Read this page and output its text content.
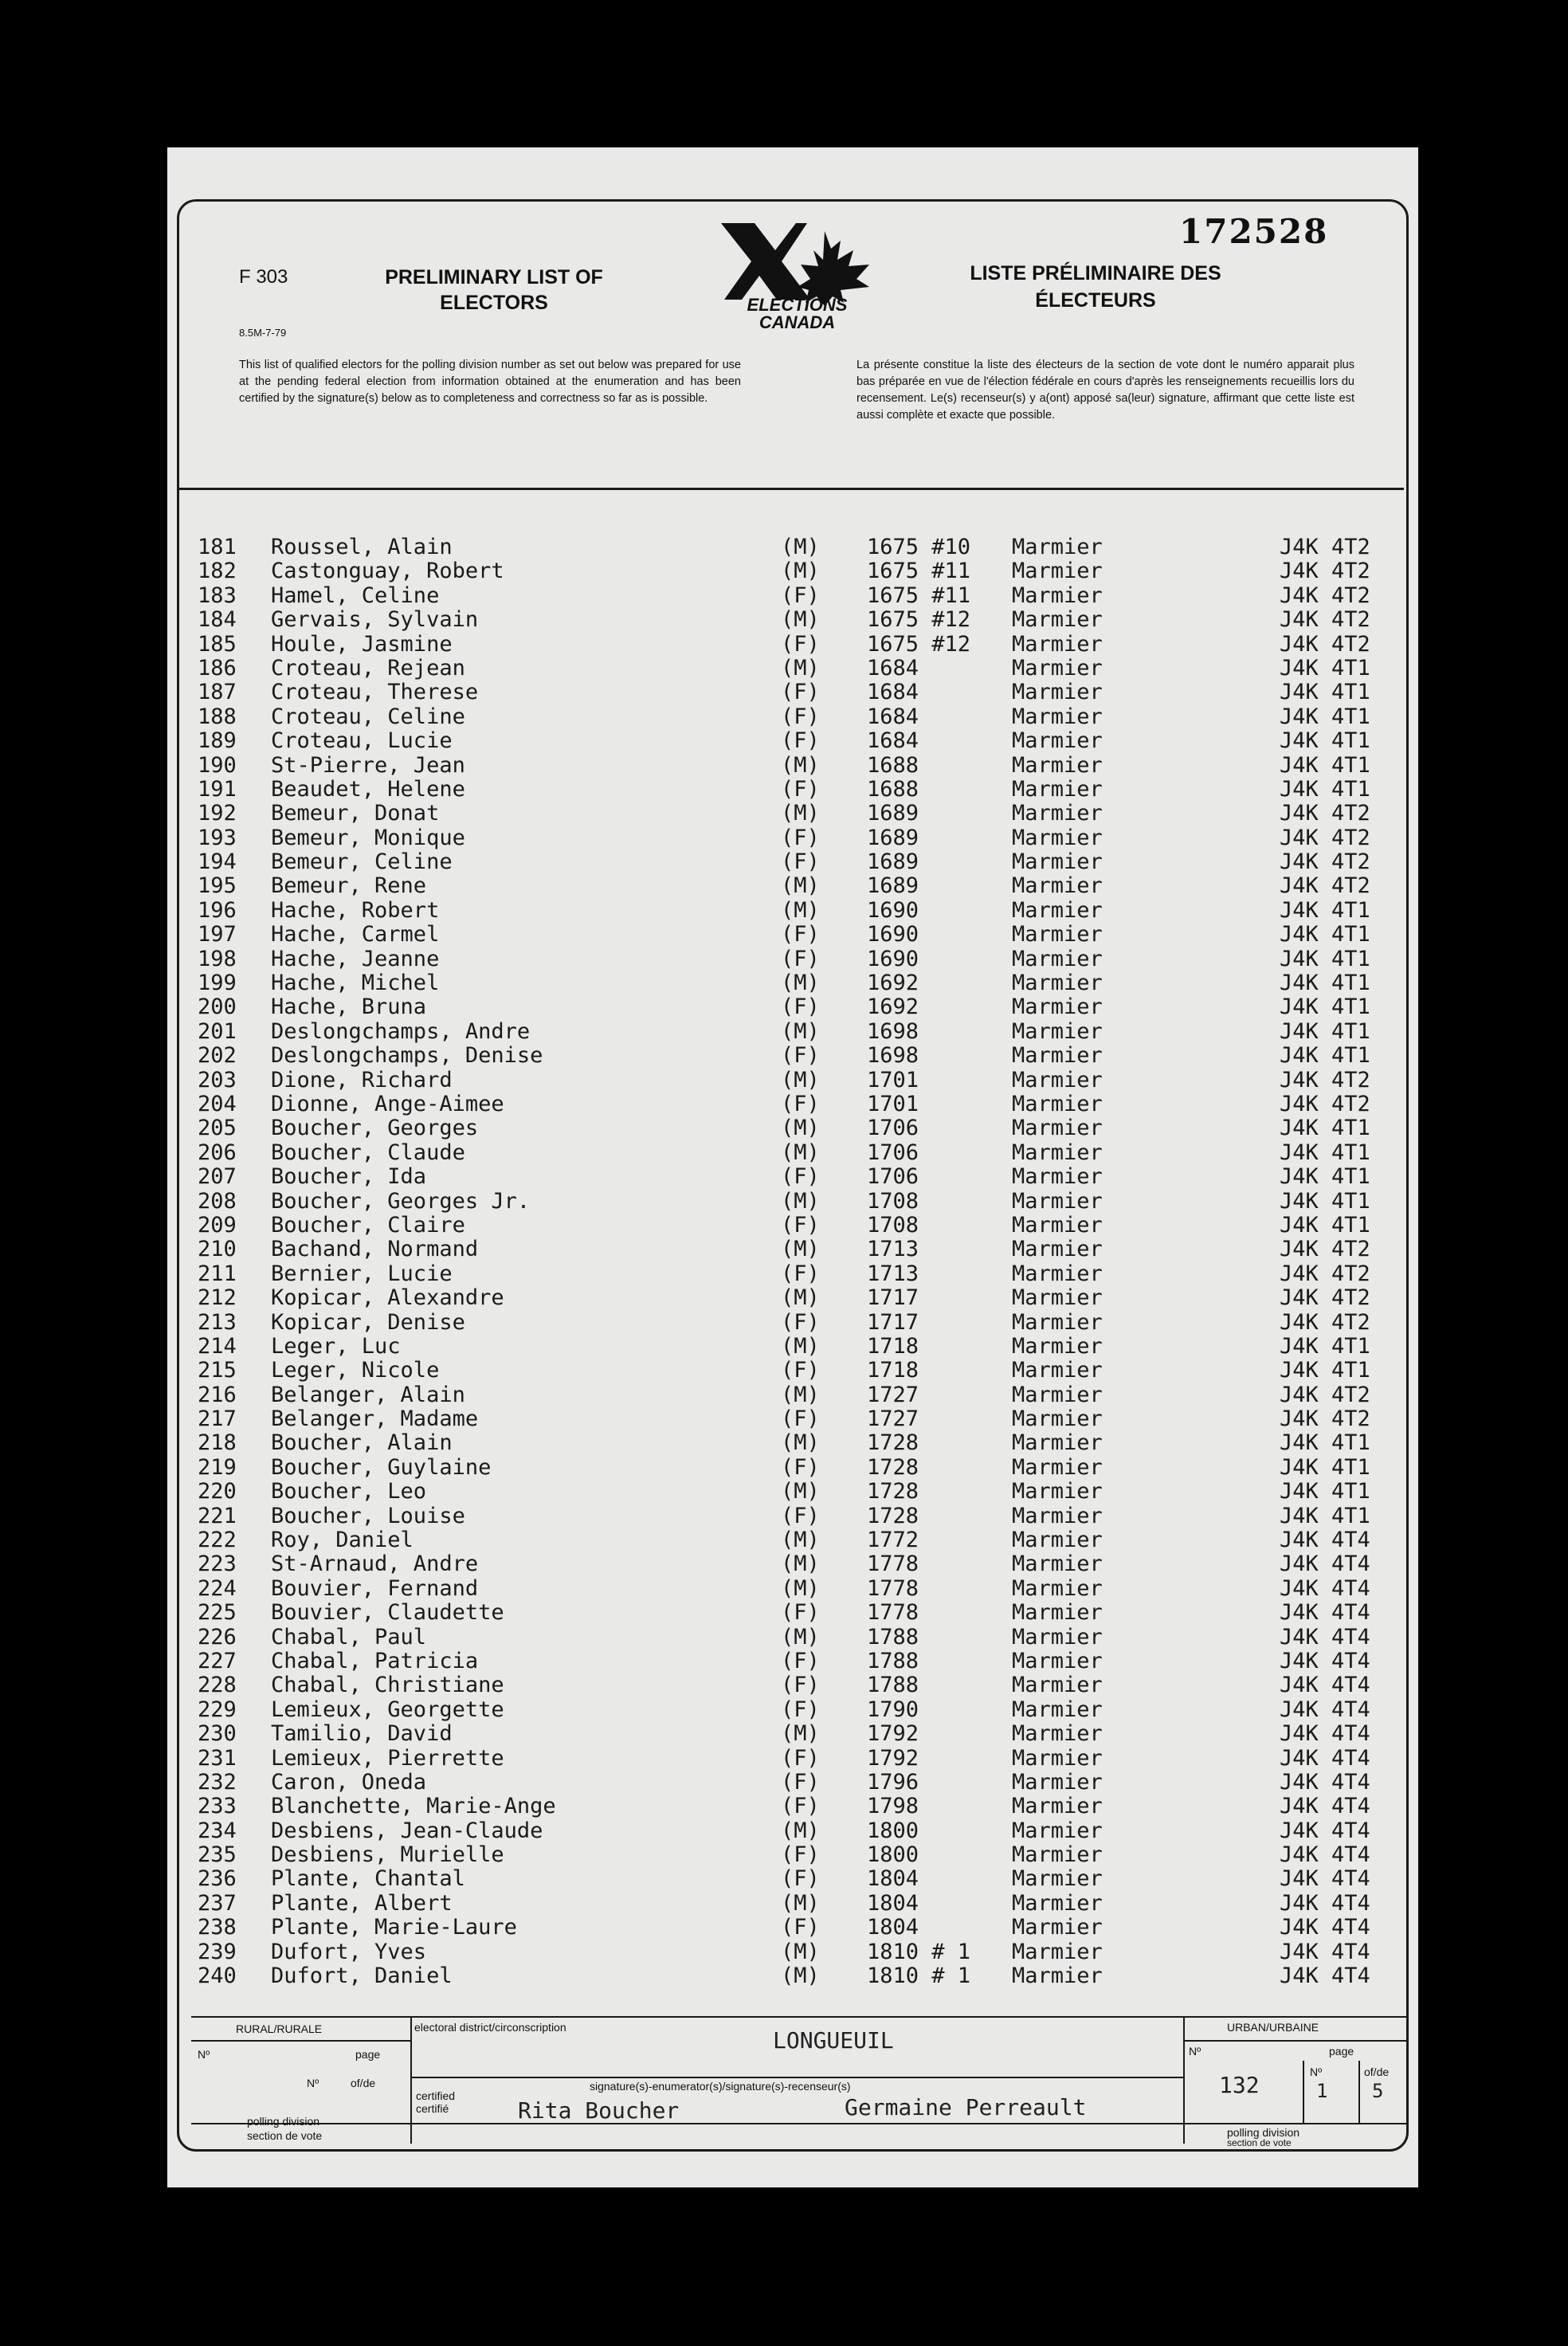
172528
F 303
8.5M-7-79
PRELIMINARY LIST OF
ELECTORS	ELECTIONS
CANADA
LISTE PRÉLIMINAIRE DES
ÉLECTEURS
This list of qualified electors for the polling division number as set out below was prepared for use at the pending federal election from information obtained at the enumeration and has been certified by the signature(s) below as to completeness and correctness so far as is possible.
La présente constitue la liste des électeurs de la section de vote dont le numéro apparait plus bas préparée en vue de l'élection fédérale en cours d'après les renseignements recueillis lors du recensement. Le(s) recenseur(s) y a(ont) apposé sa(leur) signature, affirmant que cette liste est aussi complète et exacte que possible.
181 Roussel, Alain	(M) 1675 #10 Marmier	J4K 4T2
182 Castonguay, Robert	(M) 1675 #11 Marmier	J4K 4T2
183 Hamel, Celine	(F) 1675 #11 Marmier	J4K 4T2
184 Gervais, Sylvain	(M) 1675 #12 Marmier	J4K 4T2
185 Houle, Jasmine	(F) 1675 #12 Marmier	J4K 4T2
186 Croteau, Rejean	(M) 1684	Marmier	J4K 4T1
187 Croteau, Therese	(F) 1684	Marmier	J4K 4T1
188 Croteau, Celine	(F) 1684	Marmier	J4K 4T1
189 Croteau, Lucie	(F) 1684	Marmier	J4K 4T1
190 St-Pierre, Jean	(M) 1688	Marmier	J4K 4T1
191 Beaudet, Helene	(F) 1688	Marmier	J4K 4T1
192 Bemeur, Donat	(M) 1689	Marmier	J4K 4T2
193 Bemeur, Monique	(F) 1689	Marmier	J4K 4T2
194 Bemeur, Celine	(F) 1689	Marmier	J4K 4T2
195 Bemeur, Rene	(M) 1689	Marmier	J4K 4T2
196 Hache, Robert	(M) 1690	Marmier	J4K 4T1
197 Hache, Carmel	(F) 1690	Marmier	J4K 4T1
198 Hache, Jeanne	(F) 1690	Marmier	J4K 4T1
199 Hache, Michel	(M) 1692	Marmier	J4K 4T1
200 Hache, Bruna	(F) 1692	Marmier	J4K 4T1
201 Deslongchamps, Andre	(M) 1698	Marmier	J4K 4T1
202 Deslongchamps, Denise	(F) 1698	Marmier	J4K 4T1
203 Dione, Richard	(M) 1701	Marmier	J4K 4T2
204 Dionne, Ange-Aimee	(F) 1701	Marmier	J4K 4T2
205 Boucher, Georges	(M) 1706	Marmier	J4K 4T1
206 Boucher, Claude	(M) 1706	Marmier	J4K 4T1
207 Boucher, Ida	(F) 1706	Marmier	J4K 4T1
208 Boucher, Georges Jr.	(M) 1708	Marmier	J4K 4T1
209 Boucher, Claire	(F) 1708	Marmier	J4K 4T1
210 Bachand, Normand	(M) 1713	Marmier	J4K 4T2
211 Bernier, Lucie	(F) 1713	Marmier	J4K 4T2
212 Kopicar, Alexandre	(M) 1717	Marmier	J4K 4T2
213 Kopicar, Denise	(F) 1717	Marmier	J4K 4T2
214 Leger, Luc	(M) 1718	Marmier	J4K 4T1
215 Leger, Nicole	(F) 1718	Marmier	J4K 4T1
216 Belanger, Alain	(M) 1727	Marmier	J4K 4T2
217 Belanger, Madame	(F) 1727	Marmier	J4K 4T2
218 Boucher, Alain	(M) 1728	Marmier	J4K 4T1
219 Boucher, Guylaine	(F) 1728	Marmier	J4K 4T1
220 Boucher, Leo	(M) 1728	Marmier	J4K 4T1
221 Boucher, Louise	(F) 1728	Marmier	J4K 4T1
222 Roy, Daniel	(M) 1772	Marmier	J4K 4T4
223 St-Arnaud, Andre	(M) 1778	Marmier	J4K 4T4
224 Bouvier, Fernand	(M) 1778	Marmier	J4K 4T4
225 Bouvier, Claudette	(F) 1778	Marmier	J4K 4T4
226 Chabal, Paul	(M) 1788	Marmier	J4K 4T4
227 Chabal, Patricia	(F) 1788	Marmier	J4K 4T4
228 Chabal, Christiane	(F) 1788	Marmier	J4K 4T4
229 Lemieux, Georgette	(F) 1790	Marmier	J4K 4T4
230 Tamilio, David	(M) 1792	Marmier	J4K 4T4
231 Lemieux, Pierrette	(F) 1792	Marmier	J4K 4T4
232 Caron, Oneda	(F) 1796	Marmier	J4K 4T4
233 Blanchette, Marie-Ange	(F) 1798	Marmier	J4K 4T4
234 Desbiens, Jean-Claude	(M) 1800	Marmier	J4K 4T4
235 Desbiens, Murielle	(F) 1800	Marmier	J4K 4T4
236 Plante, Chantal	(F) 1804	Marmier	J4K 4T4
237 Plante, Albert	(M) 1804	Marmier	J4K 4T4
238 Plante, Marie-Laure	(F) 1804	Marmier	J4K 4T4
239 Dufort, Yves	(M) 1810 # 1 Marmier	J4K 4T4
240 Dufort, Daniel	(M) 1810 # 1 Marmier	J4K 4T4
RURAL/RURALE
Nº	page
Nº	of/de
polling division
section de vote
electoral district/circonscription	LONGUEUIL
signature(s)-enumerator(s)/signature(s)-recenseur(s)
certified
certifié	Rita Boucher	Germaine Perreault
URBAN/URBAINE
Nº	page
Nº	of/de
132	1 5
polling division
section de vote
